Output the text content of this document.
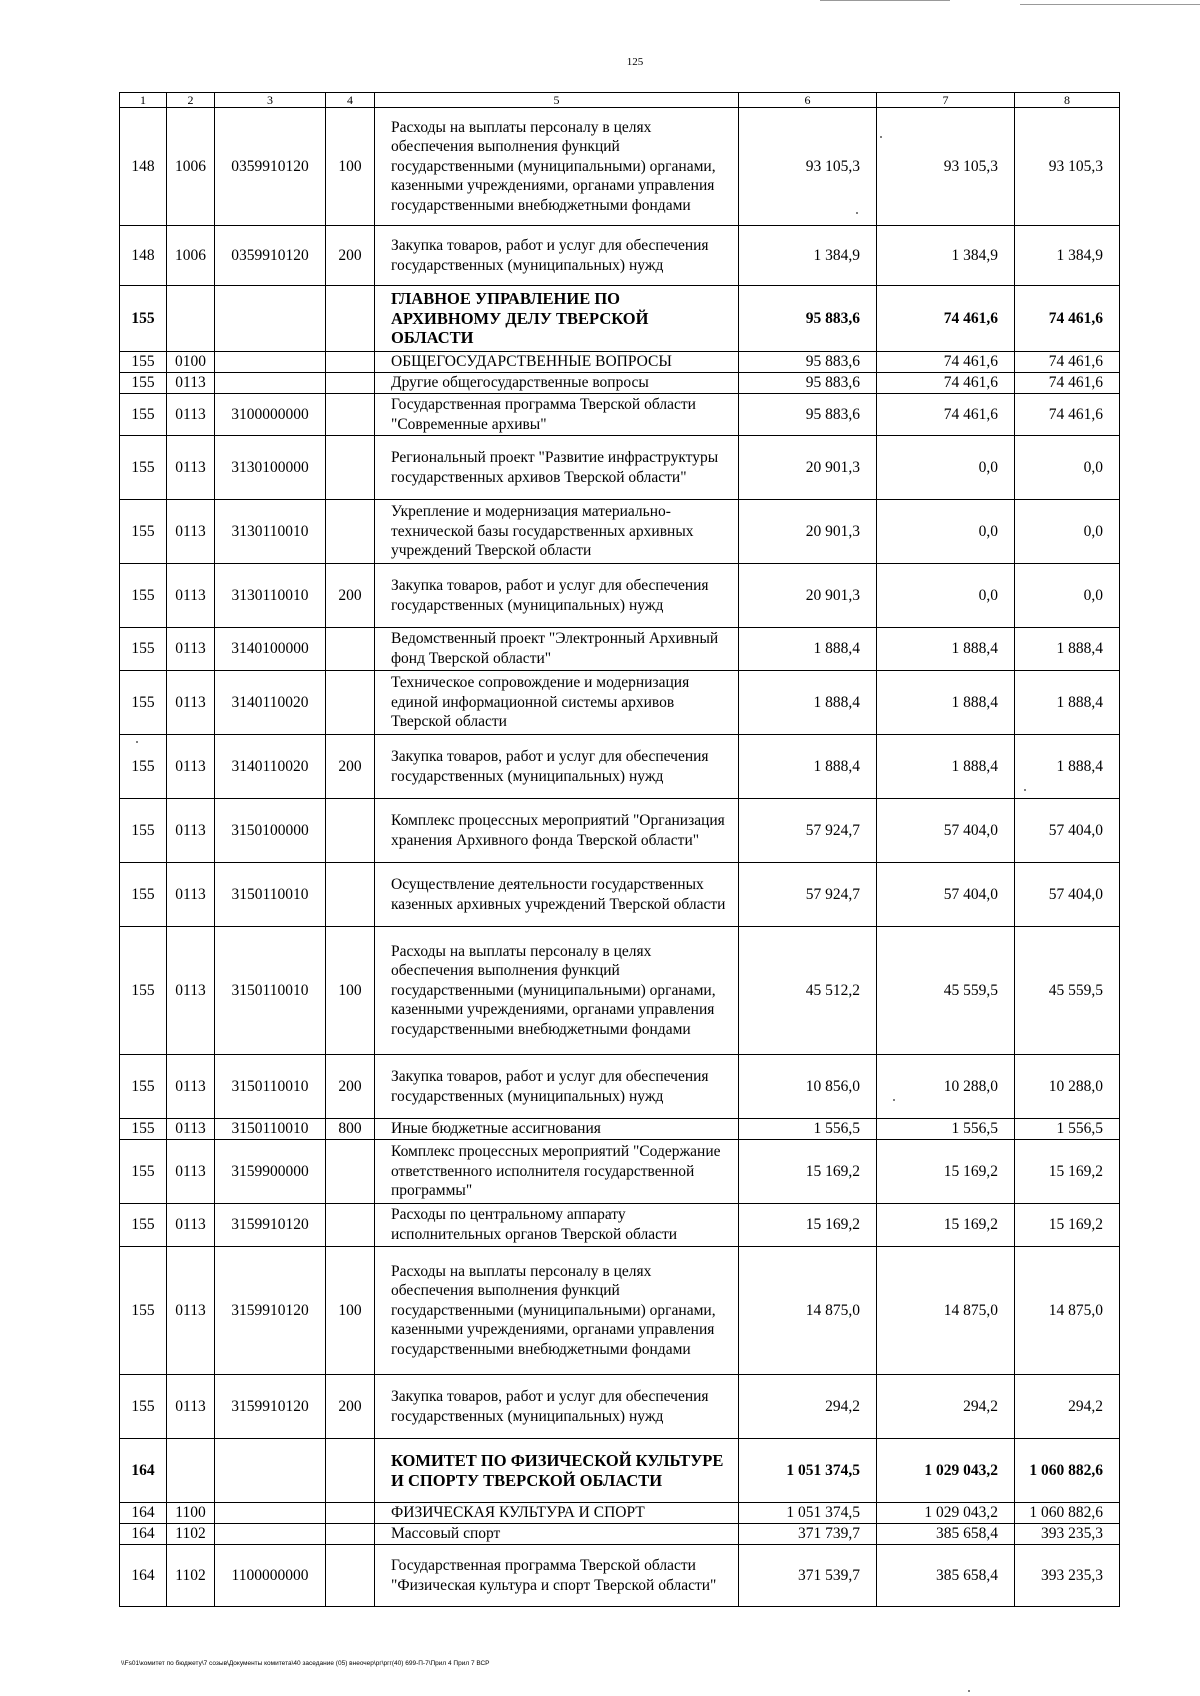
125
1	2	3	4	5	6	7	8
148	1006	0359910120	100	Расходы на выплаты персоналу в целях обеспечения выполнения функций государственными (муниципальными) органами, казенными учреждениями, органами управления государственными внебюджетными фондами	93 105,3	93 105,3	93 105,3
148	1006	0359910120	200	Закупка товаров, работ и услуг для обеспечения государственных (муниципальных) нужд	1 384,9	1 384,9	1 384,9
155				ГЛАВНОЕ УПРАВЛЕНИЕ ПО АРХИВНОМУ ДЕЛУ ТВЕРСКОЙ ОБЛАСТИ	95 883,6	74 461,6	74 461,6
155	0100			ОБЩЕГОСУДАРСТВЕННЫЕ ВОПРОСЫ	95 883,6	74 461,6	74 461,6
155	0113			Другие общегосударственные вопросы	95 883,6	74 461,6	74 461,6
155	0113	3100000000		Государственная программа Тверской области "Современные архивы"	95 883,6	74 461,6	74 461,6
155	0113	3130100000		Региональный проект "Развитие инфраструктуры государственных архивов Тверской области"	20 901,3	0,0	0,0
155	0113	3130110010		Укрепление и модернизация материально-технической базы государственных архивных учреждений Тверской области	20 901,3	0,0	0,0
155	0113	3130110010	200	Закупка товаров, работ и услуг для обеспечения государственных (муниципальных) нужд	20 901,3	0,0	0,0
155	0113	3140100000		Ведомственный проект "Электронный Архивный фонд Тверской области"	1 888,4	1 888,4	1 888,4
155	0113	3140110020		Техническое сопровождение и модернизация единой информационной системы архивов Тверской области	1 888,4	1 888,4	1 888,4
155	0113	3140110020	200	Закупка товаров, работ и услуг для обеспечения государственных (муниципальных) нужд	1 888,4	1 888,4	1 888,4
155	0113	3150100000		Комплекс процессных мероприятий "Организация хранения Архивного фонда Тверской области"	57 924,7	57 404,0	57 404,0
155	0113	3150110010		Осуществление деятельности государственных казенных архивных учреждений Тверской области	57 924,7	57 404,0	57 404,0
155	0113	3150110010	100	Расходы на выплаты персоналу в целях обеспечения выполнения функций государственными (муниципальными) органами, казенными учреждениями, органами управления государственными внебюджетными фондами	45 512,2	45 559,5	45 559,5
155	0113	3150110010	200	Закупка товаров, работ и услуг для обеспечения государственных (муниципальных) нужд	10 856,0	10 288,0	10 288,0
155	0113	3150110010	800	Иные бюджетные ассигнования	1 556,5	1 556,5	1 556,5
155	0113	3159900000		Комплекс процессных мероприятий "Содержание ответственного исполнителя государственной программы"	15 169,2	15 169,2	15 169,2
155	0113	3159910120		Расходы по центральному аппарату исполнительных органов Тверской области	15 169,2	15 169,2	15 169,2
155	0113	3159910120	100	Расходы на выплаты персоналу в целях обеспечения выполнения функций государственными (муниципальными) органами, казенными учреждениями, органами управления государственными внебюджетными фондами	14 875,0	14 875,0	14 875,0
155	0113	3159910120	200	Закупка товаров, работ и услуг для обеспечения государственных (муниципальных) нужд	294,2	294,2	294,2
164				КОМИТЕТ ПО ФИЗИЧЕСКОЙ КУЛЬТУРЕ И СПОРТУ ТВЕРСКОЙ ОБЛАСТИ	1 051 374,5	1 029 043,2	1 060 882,6
164	1100			ФИЗИЧЕСКАЯ КУЛЬТУРА И СПОРТ	1 051 374,5	1 029 043,2	1 060 882,6
164	1102			Массовый спорт	371 739,7	385 658,4	393 235,3
164	1102	1100000000		Государственная программа Тверской области "Физическая культура и спорт Тверской области"	371 539,7	385 658,4	393 235,3
\\Fs01\комитет по бюджету\7 созыв\Документы комитета\40 заседание (05) внеочер\рг\ргг(40) 699-П-7\Прил 4 Прил 7 ВСР
